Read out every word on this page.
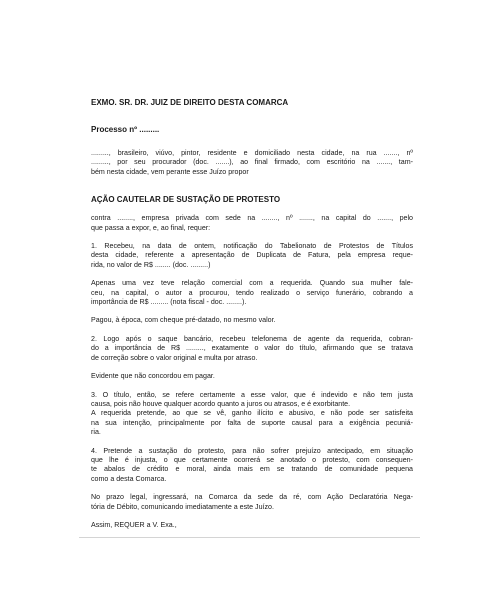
EXMO. SR. DR. JUIZ DE DIREITO DESTA COMARCA

Processo nº .........

........., brasileiro, viúvo, pintor, residente e domiciliado nesta cidade, na rua ......., nº
........., por seu procurador (doc. .......), ao final firmado, com escritório na ......., tam-
bém nesta cidade, vem perante esse Juízo propor

AÇÃO CAUTELAR DE SUSTAÇÃO DE PROTESTO

contra ........, empresa privada com sede na ........, nº ......., na capital do ......., pelo
que passa a expor, e, ao final, requer:

1. Recebeu, na data de ontem, notificação do Tabelionato de Protestos de Títulos
desta cidade, referente a apresentação de Duplicata de Fatura, pela empresa reque-
rida, no valor de R$ ........ (doc. .........)

Apenas uma vez teve relação comercial com a requerida. Quando sua mulher fale-
ceu, na capital, o autor a procurou, tendo realizado o serviço funerário, cobrando a
importância de R$ ......... (nota fiscal - doc. ........).

Pagou, à época, com cheque pré-datado, no mesmo valor.

2. Logo após o saque bancário, recebeu telefonema de agente da requerida, cobran-
do a importância de R$ ........., exatamente o valor do título, afirmando que se tratava
de correção sobre o valor original e multa por atraso.

Evidente que não concordou em pagar.

3. O título, então, se refere certamente a esse valor, que é indevido e não tem justa
causa, pois não houve qualquer acordo quanto a juros ou atrasos, e é exorbitante.
A requerida pretende, ao que se vê, ganho ilícito e abusivo, e não pode ser satisfeita
na sua intenção, principalmente por falta de suporte causal para a exigência pecuniá-
ria.

4. Pretende a sustação do protesto, para não sofrer prejuízo antecipado, em situação
que lhe é injusta, o que certamente ocorrerá se anotado o protesto, com consequen-
te abalos de crédito e moral, ainda mais em se tratando de comunidade pequena
como a desta Comarca.

No prazo legal, ingressará, na Comarca da sede da ré, com Ação Declaratória Nega-
tória de Débito, comunicando imediatamente a este Juízo.

Assim, REQUER a V. Exa.,
